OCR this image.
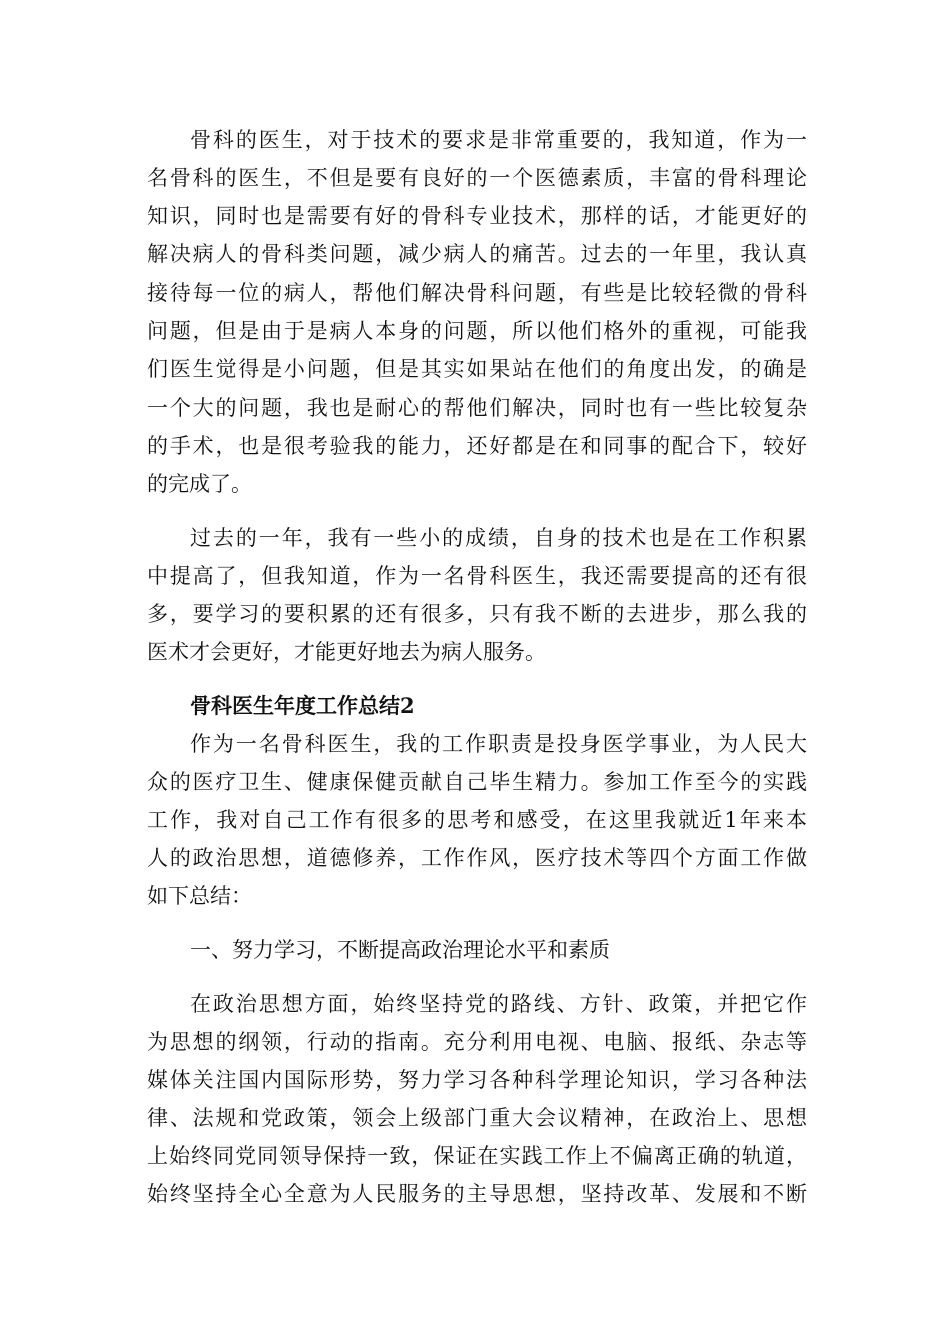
骨科的医生，对于技术的要求是非常重要的，我知道，作为一
名骨科的医生，不但是要有良好的一个医德素质，丰富的骨科理论
知识，同时也是需要有好的骨科专业技术，那样的话，才能更好的
解决病人的骨科类问题，减少病人的痛苦。过去的一年里，我认真
接待每一位的病人，帮他们解决骨科问题，有些是比较轻微的骨科
问题，但是由于是病人本身的问题，所以他们格外的重视，可能我
们医生觉得是小问题，但是其实如果站在他们的角度出发，的确是
一个大的问题，我也是耐心的帮他们解决，同时也有一些比较复杂
的手术，也是很考验我的能力，还好都是在和同事的配合下，较好
的完成了。
过去的一年，我有一些小的成绩，自身的技术也是在工作积累
中提高了，但我知道，作为一名骨科医生，我还需要提高的还有很
多，要学习的要积累的还有很多，只有我不断的去进步，那么我的
医术才会更好，才能更好地去为病人服务。
骨科医生年度工作总结2
作为一名骨科医生，我的工作职责是投身医学事业，为人民大
众的医疗卫生、健康保健贡献自己毕生精力。参加工作至今的实践
工作，我对自己工作有很多的思考和感受，在这里我就近1年来本
人的政治思想，道德修养，工作作风，医疗技术等四个方面工作做
如下总结：
一、努力学习，不断提高政治理论水平和素质
在政治思想方面，始终坚持党的路线、方针、政策，并把它作
为思想的纲领，行动的指南。充分利用电视、电脑、报纸、杂志等
媒体关注国内国际形势，努力学习各种科学理论知识，学习各种法
律、法规和党政策，领会上级部门重大会议精神，在政治上、思想
上始终同党同领导保持一致，保证在实践工作上不偏离正确的轨道，
始终坚持全心全意为人民服务的主导思想，坚持改革、发展和不断
